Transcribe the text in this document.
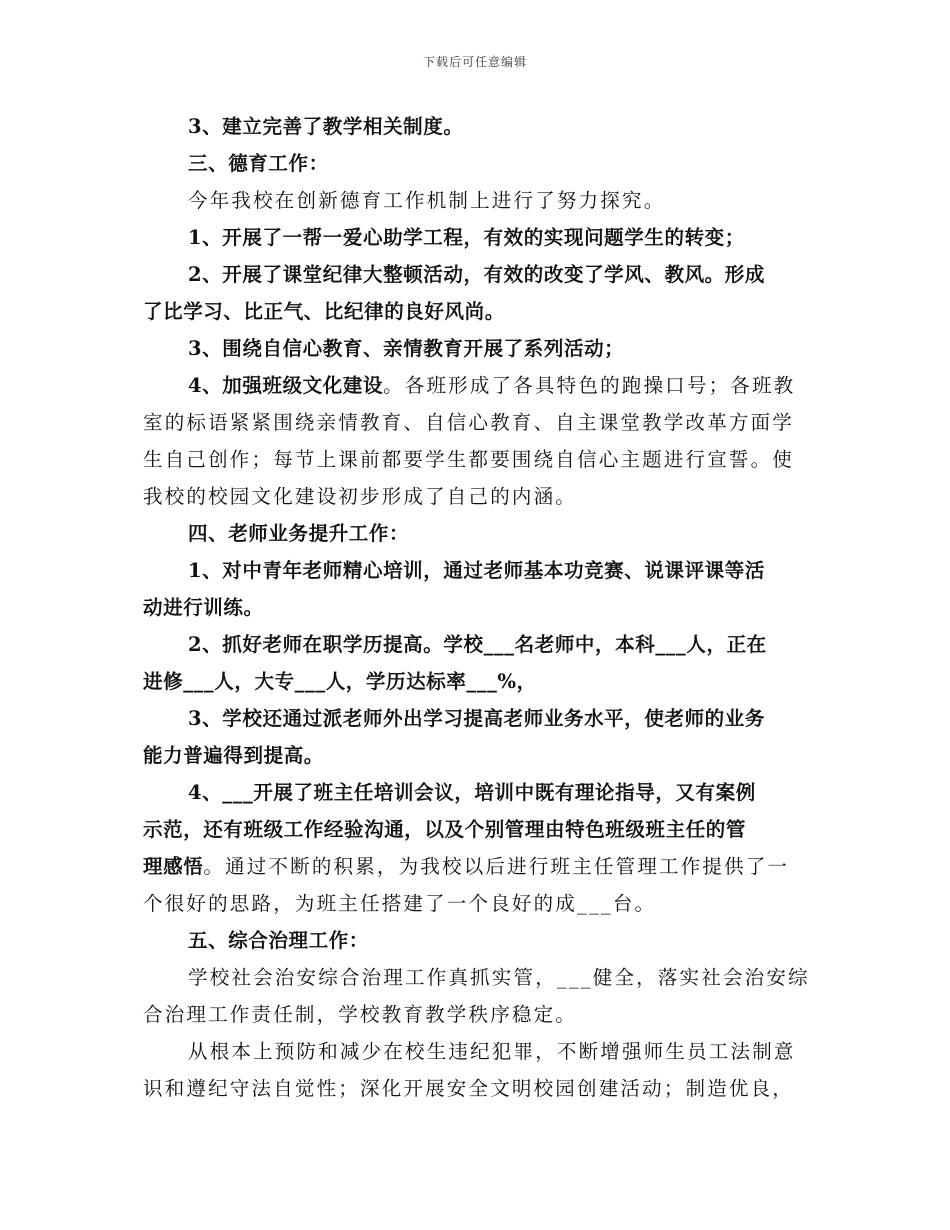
下载后可任意编辑
3、建立完善了教学相关制度。
三、德育工作：
今年我校在创新德育工作机制上进行了努力探究。
1、开展了一帮一爱心助学工程，有效的实现问题学生的转变；
2、开展了课堂纪律大整顿活动，有效的改变了学风、教风。形成
了比学习、比正气、比纪律的良好风尚。
3、围绕自信心教育、亲情教育开展了系列活动；
4、加强班级文化建设。各班形成了各具特色的跑操口号；各班教
室的标语紧紧围绕亲情教育、自信心教育、自主课堂教学改革方面学
生自己创作；每节上课前都要学生都要围绕自信心主题进行宣誓。使
我校的校园文化建设初步形成了自己的内涵。
四、老师业务提升工作：
1、对中青年老师精心培训，通过老师基本功竞赛、说课评课等活
动进行训练。
2、抓好老师在职学历提高。学校___名老师中，本科___人，正在
进修___人，大专___人，学历达标率___%，
3、学校还通过派老师外出学习提高老师业务水平，使老师的业务
能力普遍得到提高。
4、___开展了班主任培训会议，培训中既有理论指导，又有案例
示范，还有班级工作经验沟通，以及个别管理由特色班级班主任的管
理感悟。通过不断的积累，为我校以后进行班主任管理工作提供了一
个很好的思路，为班主任搭建了一个良好的成___台。
五、综合治理工作：
学校社会治安综合治理工作真抓实管，___健全，落实社会治安综
合治理工作责任制，学校教育教学秩序稳定。
从根本上预防和减少在校生违纪犯罪，不断增强师生员工法制意
识和遵纪守法自觉性；深化开展安全文明校园创建活动；制造优良，
